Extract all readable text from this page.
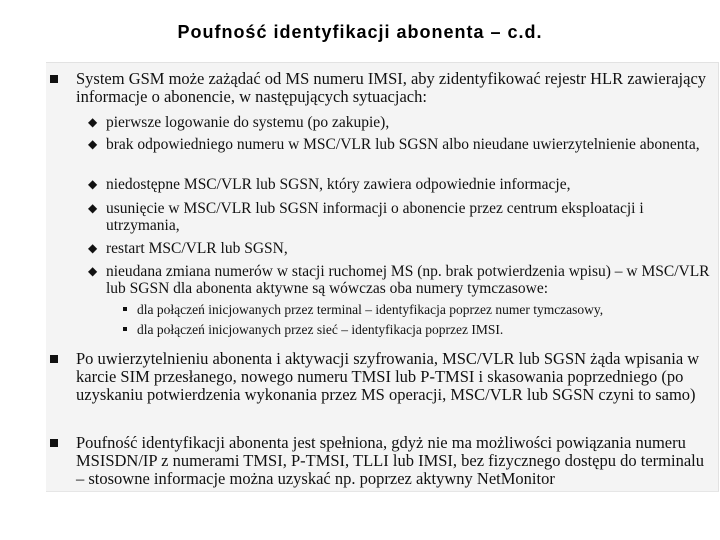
Poufność identyfikacji abonenta – c.d.
System GSM może zażądać od MS numeru IMSI, aby zidentyfikować rejestr HLR zawierający informacje o abonencie, w następujących sytuacjach:
◆ pierwsze logowanie do systemu (po zakupie),
◆ brak odpowiedniego numeru w MSC/VLR lub SGSN albo nieudane uwierzytelnienie abonenta,
◆ niedostępne MSC/VLR lub SGSN, który zawiera odpowiednie informacje,
◆ usunięcie w MSC/VLR lub SGSN informacji o abonencie przez centrum eksploatacji i utrzymania,
◆ restart MSC/VLR lub SGSN,
◆ nieudana zmiana numerów w stacji ruchomej MS (np. brak potwierdzenia wpisu) – w MSC/VLR lub SGSN dla abonenta aktywne są wówczas oba numery tymczasowe:
dla połączeń inicjowanych przez terminal – identyfikacja poprzez numer tymczasowy,
dla połączeń inicjowanych przez sieć – identyfikacja poprzez IMSI.
Po uwierzytelnieniu abonenta i aktywacji szyfrowania, MSC/VLR lub SGSN żąda wpisania w karcie SIM przesłanego, nowego numeru TMSI lub P-TMSI i skasowania poprzedniego (po uzyskaniu potwierdzenia wykonania przez MS operacji, MSC/VLR lub SGSN czyni to samo)
Poufność identyfikacji abonenta jest spełniona, gdyż nie ma możliwości powiązania numeru MSISDN/IP z numerami TMSI, P-TMSI, TLLI lub IMSI, bez fizycznego dostępu do terminalu – stosowne informacje można uzyskać np. poprzez aktywny NetMonitor
